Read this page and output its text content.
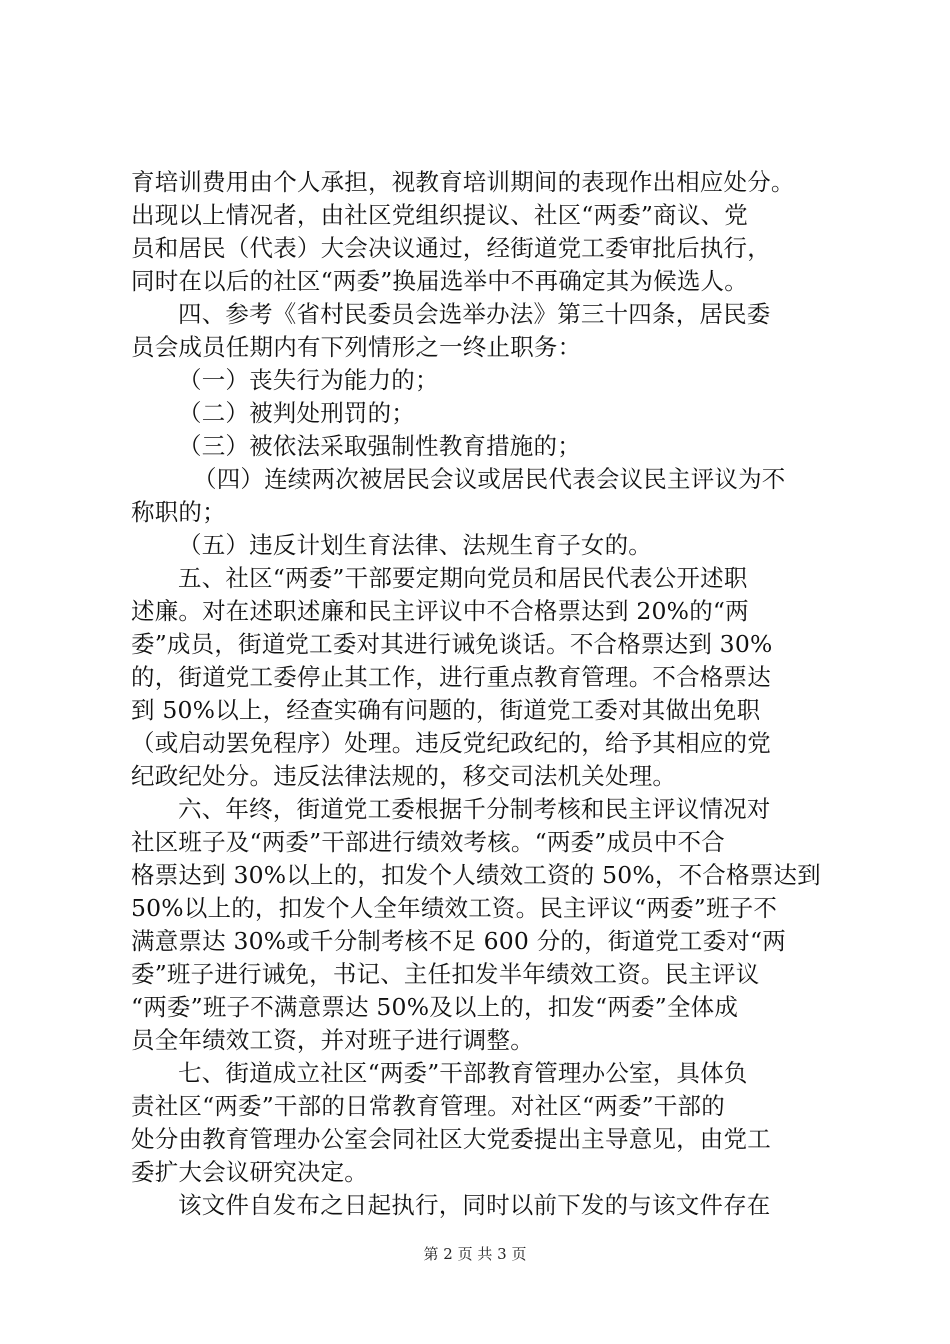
育培训费用由个人承担，视教育培训期间的表现作出相应处分。
出现以上情况者，由社区党组织提议、社区“两委”商议、党
员和居民（代表）大会决议通过，经街道党工委审批后执行，
同时在以后的社区“两委”换届选举中不再确定其为候选人。
四、参考《省村民委员会选举办法》第三十四条，居民委
员会成员任期内有下列情形之一终止职务：
（一）丧失行为能力的；
（二）被判处刑罚的；
（三）被依法采取强制性教育措施的；
（四）连续两次被居民会议或居民代表会议民主评议为不
称职的；
（五）违反计划生育法律、法规生育子女的。
五、社区“两委”干部要定期向党员和居民代表公开述职
述廉。对在述职述廉和民主评议中不合格票达到 20%的“两
委”成员，街道党工委对其进行诫免谈话。不合格票达到 30%
的，街道党工委停止其工作，进行重点教育管理。不合格票达
到 50%以上，经查实确有问题的，街道党工委对其做出免职
（或启动罢免程序）处理。违反党纪政纪的，给予其相应的党
纪政纪处分。违反法律法规的，移交司法机关处理。
六、年终，街道党工委根据千分制考核和民主评议情况对
社区班子及“两委”干部进行绩效考核。“两委”成员中不合
格票达到 30%以上的，扣发个人绩效工资的 50%，不合格票达到
50%以上的，扣发个人全年绩效工资。民主评议“两委”班子不
满意票达 30%或千分制考核不足 600 分的，街道党工委对“两
委”班子进行诫免，书记、主任扣发半年绩效工资。民主评议
“两委”班子不满意票达 50%及以上的，扣发“两委”全体成
员全年绩效工资，并对班子进行调整。
七、街道成立社区“两委”干部教育管理办公室，具体负
责社区“两委”干部的日常教育管理。对社区“两委”干部的
处分由教育管理办公室会同社区大党委提出主导意见，由党工
委扩大会议研究决定。
该文件自发布之日起执行，同时以前下发的与该文件存在
第 2 页 共 3 页
